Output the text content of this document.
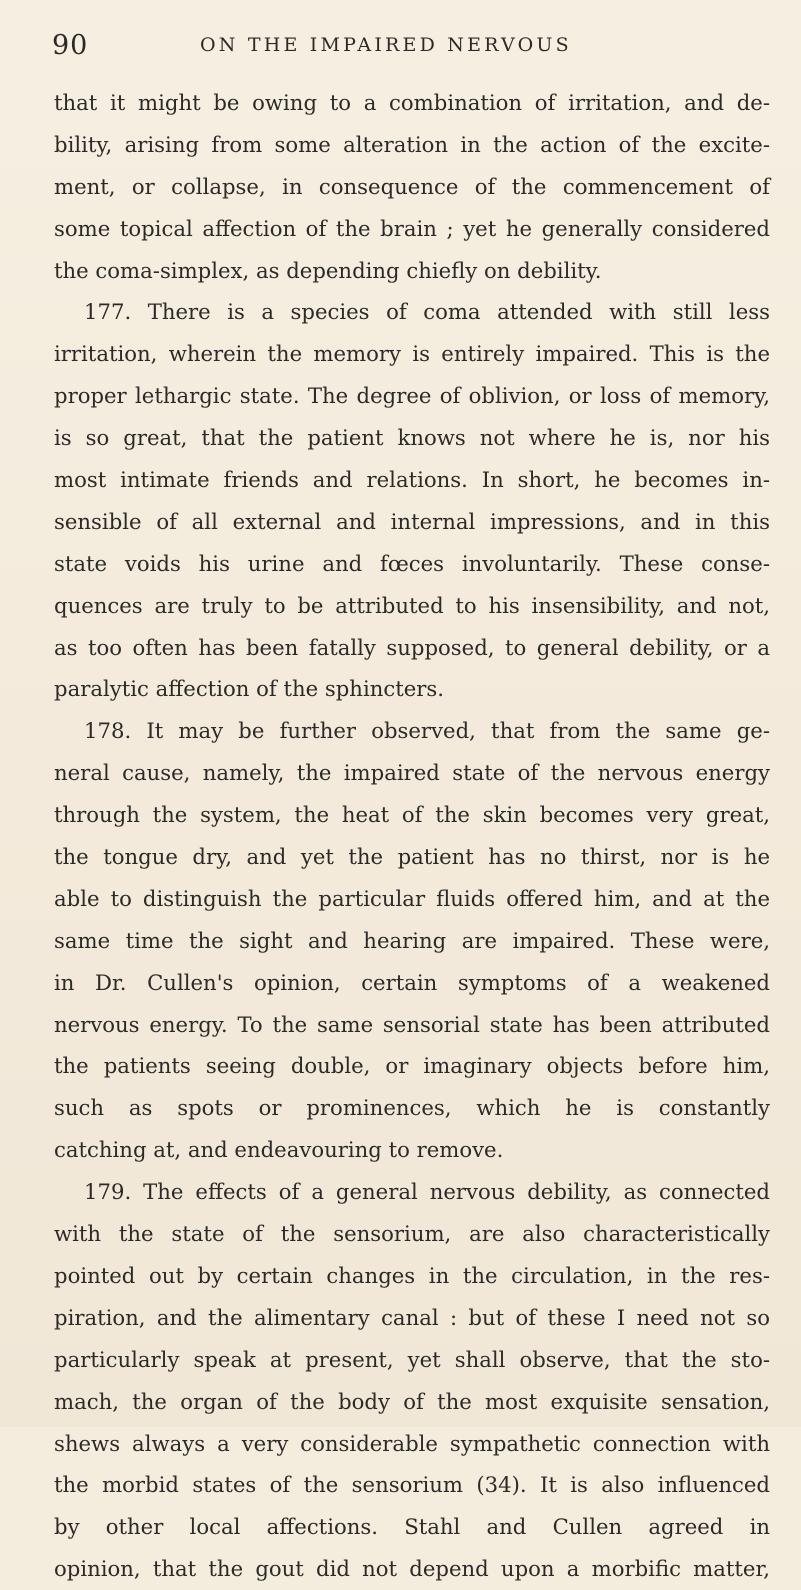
90	ON THE IMPAIRED NERVOUS
that it might be owing to a combination of irritation, and de-
bility, arising from some alteration in the action of the excite-
ment, or collapse, in consequence of the commencement of
some topical affection of the brain ; yet he generally considered
the coma-simplex, as depending chiefly on debility.
177. There is a species of coma attended with still less
irritation, wherein the memory is entirely impaired. This is the
proper lethargic state. The degree of oblivion, or loss of memory,
is so great, that the patient knows not where he is, nor his
most intimate friends and relations. In short, he becomes in-
sensible of all external and internal impressions, and in this
state voids his urine and fœces involuntarily. These conse-
quences are truly to be attributed to his insensibility, and not,
as too often has been fatally supposed, to general debility, or a
paralytic affection of the sphincters.
178. It may be further observed, that from the same ge-
neral cause, namely, the impaired state of the nervous energy
through the system, the heat of the skin becomes very great,
the tongue dry, and yet the patient has no thirst, nor is he
able to distinguish the particular fluids offered him, and at the
same time the sight and hearing are impaired. These were,
in Dr. Cullen's opinion, certain symptoms of a weakened
nervous energy. To the same sensorial state has been attributed
the patients seeing double, or imaginary objects before him,
such as spots or prominences, which he is constantly
catching at, and endeavouring to remove.
179. The effects of a general nervous debility, as connected
with the state of the sensorium, are also characteristically
pointed out by certain changes in the circulation, in the res-
piration, and the alimentary canal : but of these I need not so
particularly speak at present, yet shall observe, that the sto-
mach, the organ of the body of the most exquisite sensation,
shews always a very considerable sympathetic connection with
the morbid states of the sensorium (34). It is also influenced
by other local affections. Stahl and Cullen agreed in
opinion, that the gout did not depend upon a morbific matter,
